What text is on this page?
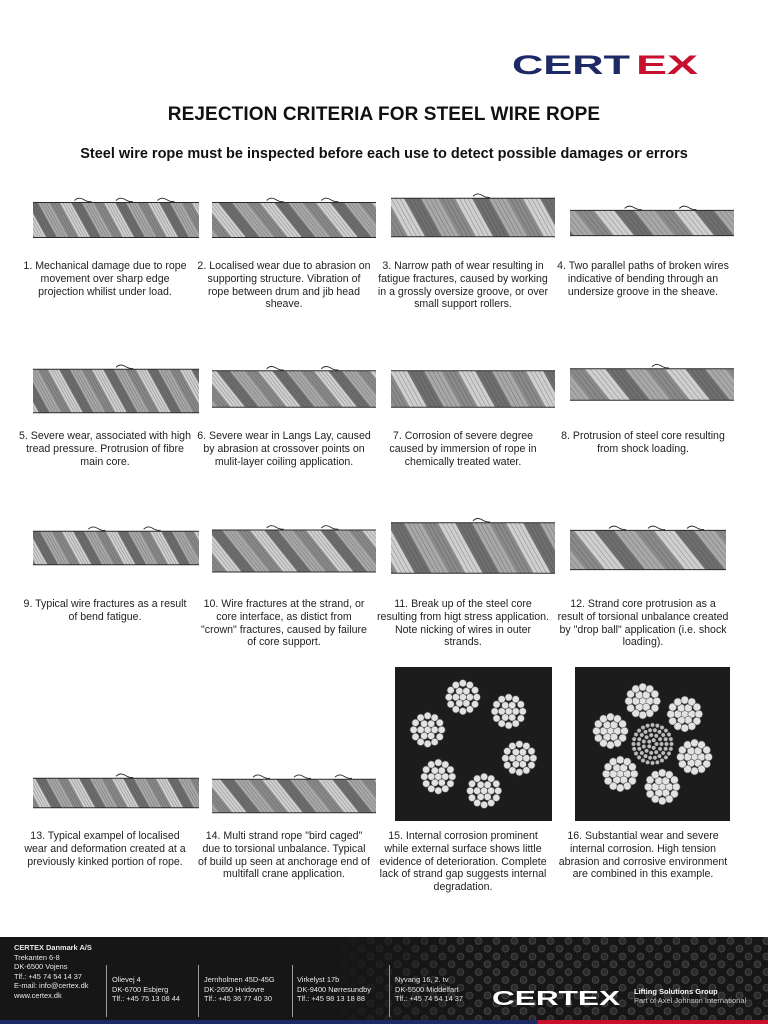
CERT EX
REJECTION CRITERIA FOR STEEL WIRE ROPE
Steel wire rope must be inspected before each use to detect possible damages or errors
1. Mechanical damage due to rope movement over sharp edge projection whilist under load.
2. Localised wear due to abrasion on supporting structure. Vibration of rope between drum and jib head sheave.
3. Narrow path of wear resulting in fatigue fractures, caused by working in a grossly oversize groove, or over small support rollers.
4. Two parallel paths of broken wires indicative of bending through an undersize groove in the sheave.
5. Severe wear, associated with high tread pressure. Protrusion of fibre main core.
6. Severe wear in Langs Lay, caused by abrasion at crossover points on mulit-layer coiling application.
7. Corrosion of severe degree caused by immersion of rope in chemically treated water.
8. Protrusion of steel core resulting from shock loading.
9. Typical wire fractures as a result of bend fatigue.
10. Wire fractures at the strand, or core interface, as distict from "crown" fractures, caused by failure of core support.
11. Break up of the steel core resulting from higt stress application. Note nicking of wires in outer strands.
12. Strand core protrusion as a result of torsional unbalance created by "drop ball" application (i.e. shock loading).
13. Typical exampel of localised wear and deformation created at a previously kinked portion of rope.
14. Multi strand rope "bird caged" due to torsional unbalance. Typical of build up seen at anchorage end of multifall crane application.
15. Internal corrosion prominent while external surface shows little evidence of deterioration. Complete lack of strand gap suggests internal degradation.
16. Substantial wear and severe internal corrosion. High tension abrasion and corrosive environment are combined in this example.
CERTEX Danmark A/S
Trekanten 6-8
DK-6500 Vojens
Tlf.: +45 74 54 14 37
E-mail: info@certex.dk
www.certex.dk
Olievej 4
DK-6700 Esbjerg
Tlf.: +45 75 13 08 44
Jernholmen 45D-45G
DK-2650 Hvidovre
Tlf.: +45 36 77 40 30
Virkelyst 17b
DK-9400 Nørresundby
Tlf.: +45 98 13 18 88
Nyvang 16, 2. tv
DK-5500 Middelfart
Tlf.: +45 74 54 14 37 CERTEX Lifting Solutions Group
Part of Axel Johnson International
